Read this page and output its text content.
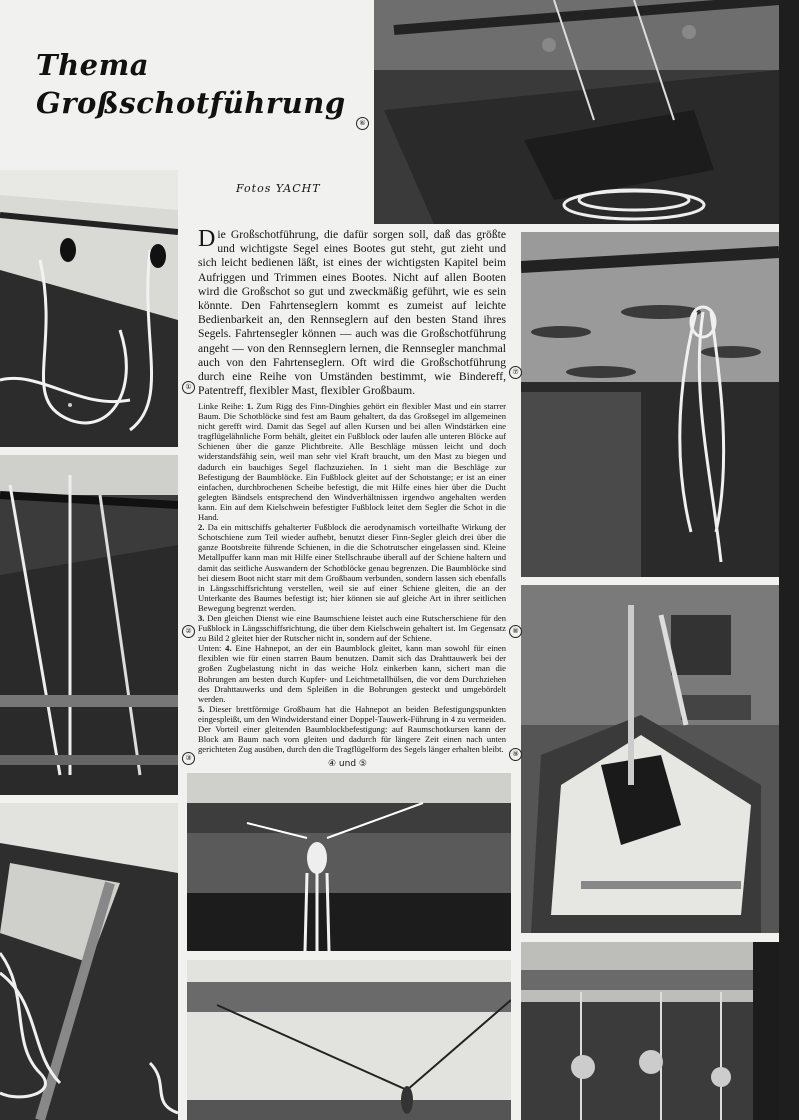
Thema
Großschotführung
Fotos YACHT
Die Großschotführung, die dafür sorgen soll, daß das größte und wichtigste Segel eines Bootes gut steht, gut zieht und sich leicht bedienen läßt, ist eines der wichtigsten Kapitel beim Aufriggen und Trimmen eines Bootes. Nicht auf allen Booten wird die Großschot so gut und zweckmäßig geführt, wie es sein könnte. Den Fahrtenseglern kommt es zumeist auf leichte Bedienbarkeit an, den Rennseglern auf den besten Stand ihres Segels. Fahrtensegler können — auch was die Großschotführung angeht — von den Rennseglern lernen, die Rennsegler manchmal auch von den Fahrtenseglern. Oft wird die Großschotführung durch eine Reihe von Umständen bestimmt, wie Bindereff, Patentreff, flexibler Mast, flexibler Großbaum.

Linke Reihe: 1. Zum Rigg des Finn-Dinghies gehört ein flexibler Mast und ein starrer Baum. Die Schotblöcke sind fest am Baum gehaltert, da das Großsegel im allgemeinen nicht gerefft wird. Damit das Segel auf allen Kursen und bei allen Windstärken eine tragflügelähnliche Form behält, gleitet ein Fußblock oder laufen alle unteren Blöcke auf Schienen über die ganze Plichtbreite. Alle Beschläge müssen leicht und doch widerstandsfähig sein, weil man sehr viel Kraft braucht, um den Mast zu biegen und dadurch ein bauchiges Segel flachzuziehen. In 1 sieht man die Beschläge zur Befestigung der Baumblöcke. Ein Fußblock gleitet auf der Schotstange; er ist an einer einfachen, durchbrochenen Scheibe befestigt, die mit Hilfe eines hier über die Ducht gelegten Bändsels entsprechend den Windverhältnissen irgendwo angehalten werden kann. Ein auf dem Kielschwein befestigter Fußblock leitet dem Segler die Schot in die Hand.

2. Da ein mittschiffs gehalterter Fußblock die aerodynamisch vorteilhafte Wirkung der Schotschiene zum Teil wieder aufhebt, benutzt dieser Finn-Segler gleich drei über die ganze Bootsbreite führende Schienen, in die die Schotrutscher eingelassen sind. Kleine Metallpuffer kann man mit Hilfe einer Stellschraube überall auf der Schiene haltern und damit das seitliche Auswandern der Schotblöcke genau begrenzen. Die Baumblöcke sind bei diesem Boot nicht starr mit dem Großbaum verbunden, sondern lassen sich ebenfalls in Längsschiffsrichtung verstellen, weil sie auf einer Schiene gleiten, die an der Unterkante des Baumes befestigt ist; hier können sie auf gleiche Art in ihrer seitlichen Bewegung begrenzt werden.

3. Den gleichen Dienst wie eine Baumschiene leistet auch eine Rutscherschiene für den Fußblock in Längsschiffsrichtung, die über dem Kielschwein gehaltert ist. Im Gegensatz zu Bild 2 gleitet hier der Rutscher nicht in, sondern auf der Schiene.

Unten: 4. Eine Hahnepot, an der ein Baumblock gleitet, kann man sowohl für einen flexiblen wie für einen starren Baum benutzen. Damit sich das Drahttauwerk bei der großen Zugbelastung nicht in das weiche Holz einkerben kann, sichert man die Bohrungen am besten durch Kupfer- und Leichtmetallhülsen, die vor dem Durchziehen des Drahttauwerks und dem Spleißen in die Bohrungen gesteckt und umgebördelt werden.

5. Dieser brettförmige Großbaum hat die Hahnepot an beiden Befestigungspunkten eingespleißt, um den Windwiderstand einer Doppel-Tauwerk-Führung in 4 zu vermeiden. Der Vorteil einer gleitenden Baumblockbefestigung: auf Raumschotkursen kann der Block am Baum nach vorn gleiten und dadurch für längere Zeit einen nach unten gerichteten Zug ausüben, durch den die Tragflügelform des Segels länger erhalten bleibt.

④ und ⑤
①
②
③
⑥
⑦
⑧
⑨
